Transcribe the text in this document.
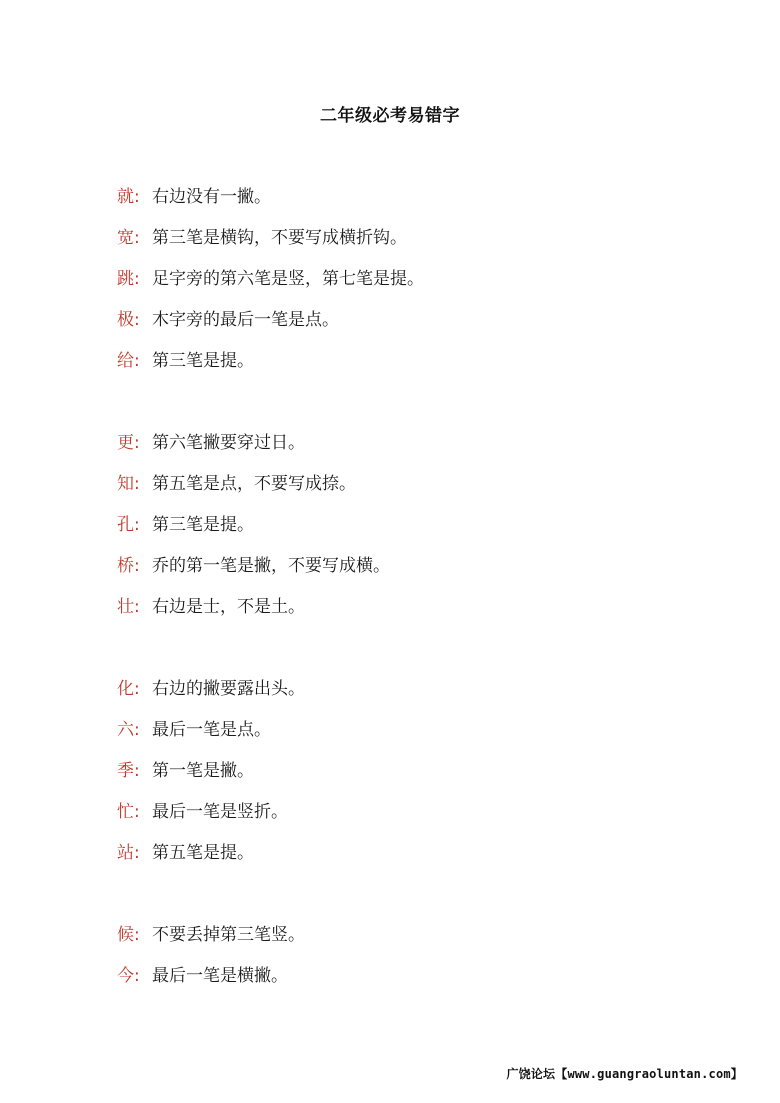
二年级必考易错字
就: 右边没有一撇。
宽: 第三笔是横钩，不要写成横折钩。
跳: 足字旁的第六笔是竖，第七笔是提。
极: 木字旁的最后一笔是点。
给: 第三笔是提。
更: 第六笔撇要穿过日。
知: 第五笔是点，不要写成捺。
孔: 第三笔是提。
桥: 乔的第一笔是撇，不要写成横。
壮: 右边是士，不是土。
化: 右边的撇要露出头。
六: 最后一笔是点。
季: 第一笔是撇。
忙: 最后一笔是竖折。
站: 第五笔是提。
候: 不要丢掉第三笔竖。
今: 最后一笔是横撇。
广饶论坛【www.guangraoluntan.com】
